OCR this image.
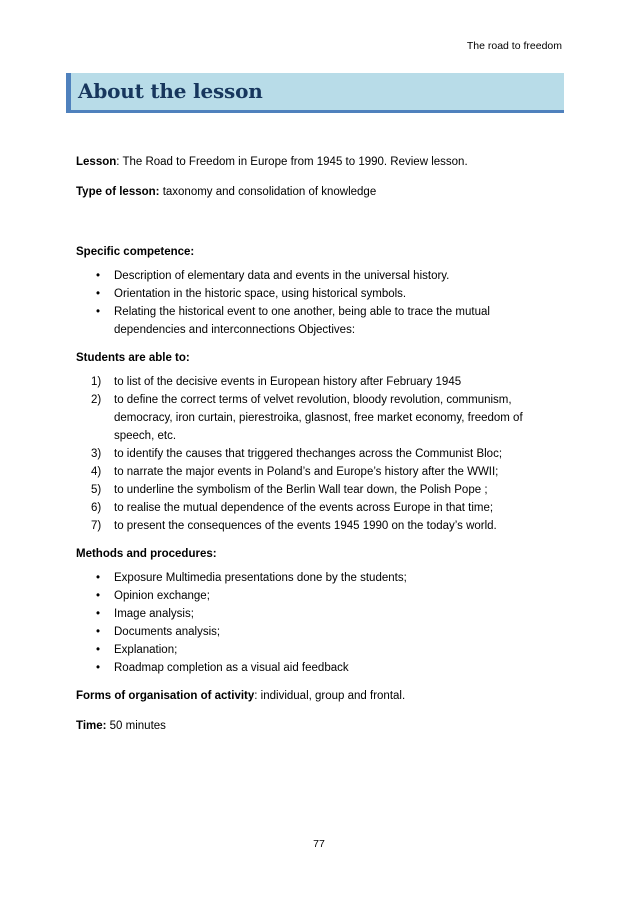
The road to freedom
About the lesson

Lesson: The Road to Freedom in Europe from 1945 to 1990. Review lesson.

Type of lesson: taxonomy and consolidation of knowledge

Specific competence:

• Description of elementary data and events in the universal history.
• Orientation in the historic space, using historical symbols.
• Relating the historical event to one another, being able to trace the mutual dependencies and interconnections Objectives:

Students are able to:

1) to list of the decisive events in European history after February 1945
2) to define the correct terms of velvet revolution, bloody revolution, communism, democracy, iron curtain, pierestroika, glasnost, free market economy, freedom of speech, etc.
3) to identify the causes that triggered thechanges across the Communist Bloc;
4) to narrate the major events in Poland’s and Europe’s history after the WWII;
5) to underline the symbolism of the Berlin Wall tear down, the Polish Pope ;
6) to realise the mutual dependence of the events across Europe in that time;
7) to present the consequences of the events 1945 1990 on the today’s world.

Methods and procedures:

• Exposure Multimedia presentations done by the students;
• Opinion exchange;
• Image analysis;
• Documents analysis;
• Explanation;
• Roadmap completion as a visual aid feedback

Forms of organisation of activity: individual, group and frontal.

Time: 50 minutes

77
